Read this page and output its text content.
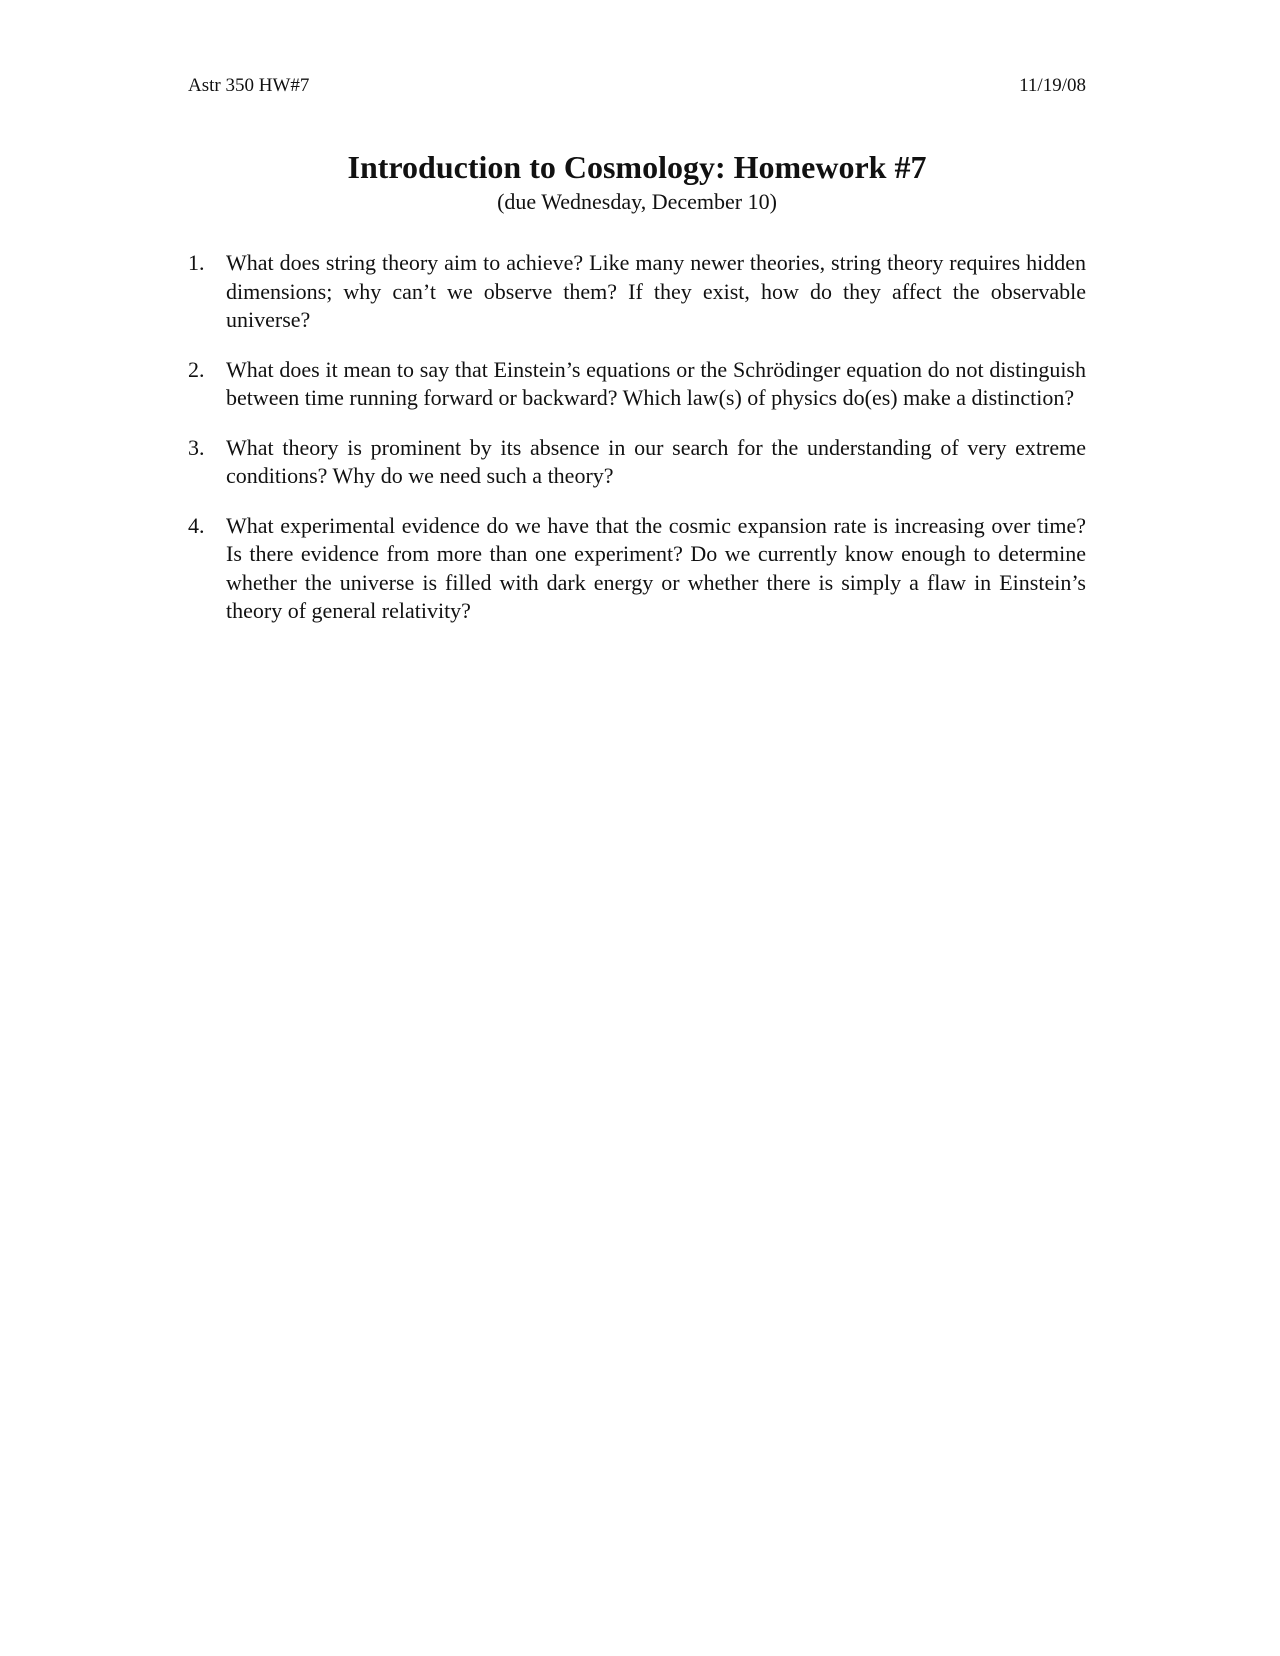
Astr 350 HW#7	11/19/08
Introduction to Cosmology: Homework #7

(due Wednesday, December 10)

1. What does string theory aim to achieve? Like many newer theories, string theory requires hidden dimensions; why can’t we observe them? If they exist, how do they affect the observable universe?
2. What does it mean to say that Einstein’s equations or the Schrödinger equation do not distinguish between time running forward or backward? Which law(s) of physics do(es) make a distinction?
3. What theory is prominent by its absence in our search for the understanding of very extreme conditions? Why do we need such a theory?
4. What experimental evidence do we have that the cosmic expansion rate is increasing over time? Is there evidence from more than one experiment? Do we currently know enough to determine whether the universe is filled with dark energy or whether there is simply a flaw in Einstein’s theory of general relativity?
